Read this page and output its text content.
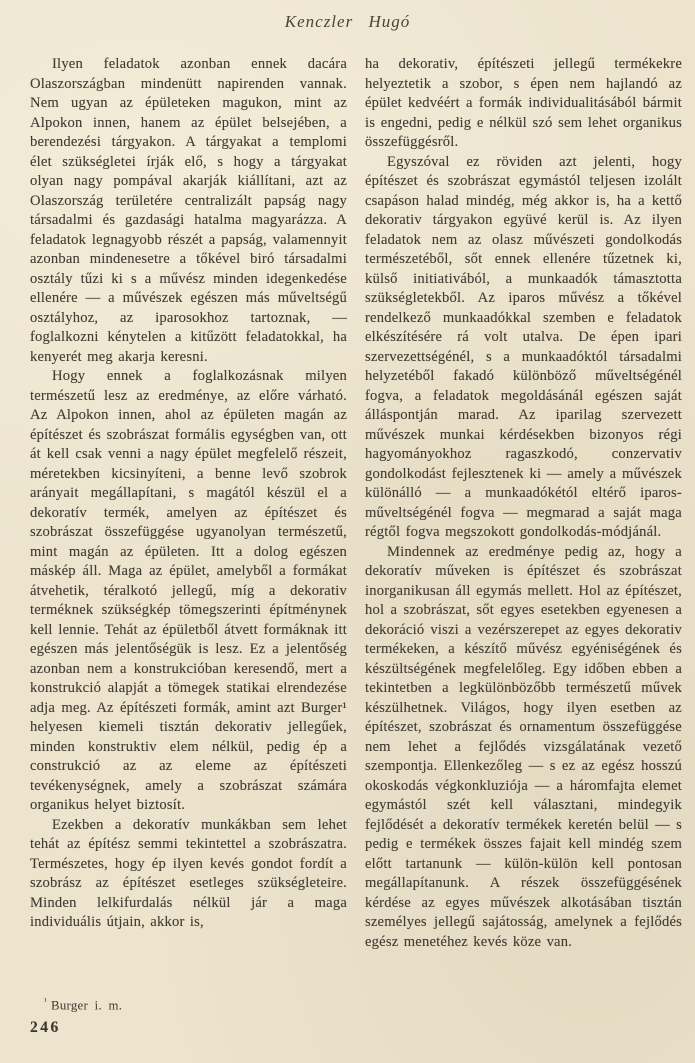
Kenczler Hugó

Ilyen feladatok azonban ennek dacára Olaszországban mindenütt napirenden vannak. Nem ugyan az épületeken magukon, mint az Alpokon innen, hanem az épület belsejében, a berendezési tárgyakon. A tárgyakat a templomi élet szükségletei írják elő, s hogy a tárgyakat olyan nagy pompával akarják kiállítani, azt az Olaszország területére centralizált papság nagy társadalmi és gazdasági hatalma magyarázza. A feladatok legnagyobb részét a papság, valamennyit azonban mindenesetre a tőkével biró társadalmi osztály tűzi ki s a művész minden idegenkedése ellenére — a művészek egészen más műveltségű osztályhoz, az iparosokhoz tartoznak, — foglalkozni kénytelen a kitűzött feladatokkal, ha kenyerét meg akarja keresni.

Hogy ennek a foglalkozásnak milyen természetű lesz az eredménye, az előre várható. Az Alpokon innen, ahol az épületen magán az építészet és szobrászat formális egységben van, ott át kell csak venni a nagy épület megfelelő részeit, méretekben kicsinyíteni, a benne levő szobrok arányait megállapítani, s magától készül el a dekoratív termék, amelyen az építészet és szobrászat összefüggése ugyanolyan természetű, mint magán az épületen. Itt a dolog egészen máskép áll. Maga az épület, amelyből a formákat átvehetik, téralkotó jellegű, míg a dekorativ terméknek szükségkép tömegszerinti építménynek kell lennie. Tehát az épületből átvett formáknak itt egészen más jelentőségük is lesz. Ez a jelentőség azonban nem a konstrukcióban keresendő, mert a konstrukció alapját a tömegek statikai elrendezése adja meg. Az építészeti formák, amint azt Burger¹ helyesen kiemeli tisztán dekorativ jellegűek, minden konstruktiv elem nélkül, pedig ép a construkció az az eleme az építészeti tevékenységnek, amely a szobrászat számára organikus helyet biztosít.

Ezekben a dekoratív munkákban sem lehet tehát az építész semmi tekintettel a szobrászatra. Természetes, hogy ép ilyen kevés gondot fordít a szobrász az építészet esetleges szükségleteire. Minden lelkifurdalás nélkül jár a maga individuális útjain, akkor is,

ha dekorativ, építészeti jellegű termékekre helyeztetik a szobor, s épen nem hajlandó az épület kedvéért a formák individualitásából bármit is engedni, pedig e nélkül szó sem lehet organikus összefüggésről.

Egyszóval ez röviden azt jelenti, hogy építészet és szobrászat egymástól teljesen izolált csapáson halad mindég, még akkor is, ha a kettő dekorativ tárgyakon együvé kerül is. Az ilyen feladatok nem az olasz művészeti gondolkodás természetéből, sőt ennek ellenére tűzetnek ki, külső initiativából, a munkaadók támasztotta szükségletekből. Az iparos művész a tőkével rendelkező munkaadókkal szemben e feladatok elkészítésére rá volt utalva. De épen ipari szervezettségénél, s a munkaadóktól társadalmi helyzetéből fakadó különböző műveltségénél fogva, a feladatok megoldásánál egészen saját álláspontján marad. Az iparilag szervezett művészek munkai kérdésekben bizonyos régi hagyományokhoz ragaszkodó, conzervativ gondolkodást fejlesztenek ki — amely a művészek különálló — a munkaadókétól eltérő iparos-műveltségénél fogva — megmarad a saját maga régtől fogva megszokott gondolkodás-módjánál.

Mindennek az eredménye pedig az, hogy a dekoratív műveken is építészet és szobrászat inorganikusan áll egymás mellett. Hol az építészet, hol a szobrászat, sőt egyes esetekben egyenesen a dekoráció viszi a vezérszerepet az egyes dekorativ termékeken, a készítő művész egyéniségének és készültségének megfelelőleg. Egy időben ebben a tekintetben a legkülönbözőbb természetű művek készülhetnek. Világos, hogy ilyen esetben az építészet, szobrászat és ornamentum összefüggése nem lehet a fejlődés vizsgálatának vezető szempontja. Ellenkezőleg — s ez az egész hosszú okoskodás végkonkluziója — a háromfajta elemet egymástól szét kell választani, mindegyik fejlődését a dekoratív termékek keretén belül — s pedig e termékek összes fajait kell mindég szem előtt tartanunk — külön-külön kell pontosan megállapítanunk. A részek összefüggésének kérdése az egyes művészek alkotásában tisztán személyes jellegű sajátosság, amelynek a fejlődés egész menetéhez kevés köze van.

$^{^1}$ Burger i. m.
246
